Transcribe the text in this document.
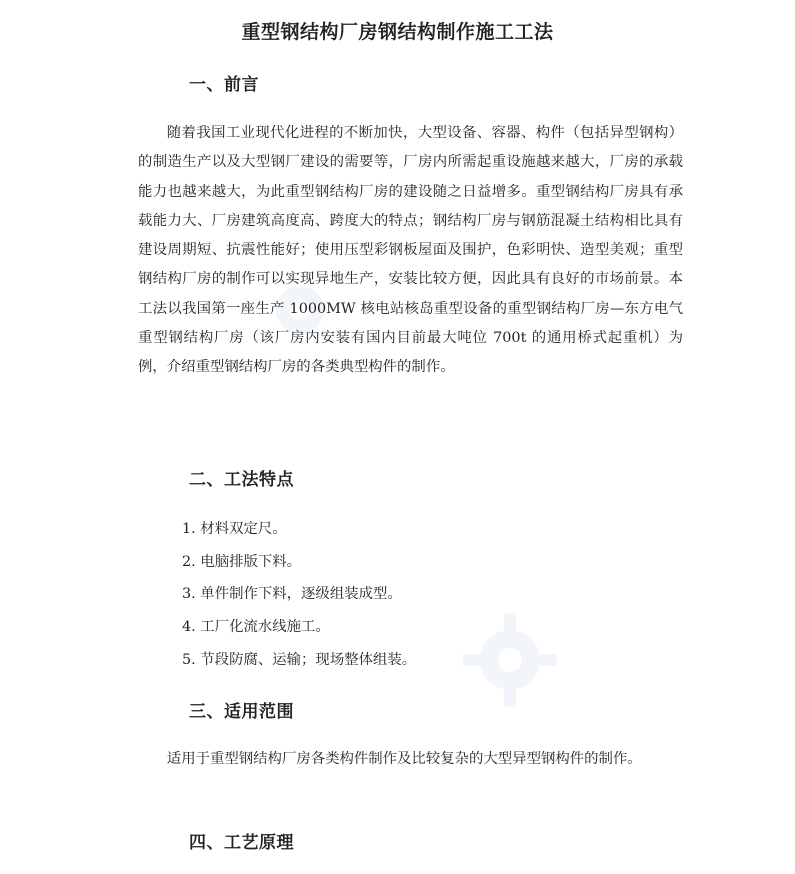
重型钢结构厂房钢结构制作施工工法
一、前言

随着我国工业现代化进程的不断加快，大型设备、容器、构件（包括异型钢构）的制造生产以及大型钢厂建设的需要等，厂房内所需起重设施越来越大，厂房的承载能力也越来越大，为此重型钢结构厂房的建设随之日益增多。重型钢结构厂房具有承载能力大、厂房建筑高度高、跨度大的特点；钢结构厂房与钢筋混凝土结构相比具有建设周期短、抗震性能好；使用压型彩钢板屋面及围护，色彩明快、造型美观；重型钢结构厂房的制作可以实现异地生产，安装比较方便，因此具有良好的市场前景。本工法以我国第一座生产 1000MW 核电站核岛重型设备的重型钢结构厂房—东方电气重型钢结构厂房（该厂房内安装有国内目前最大吨位 700t 的通用桥式起重机）为例，介绍重型钢结构厂房的各类典型构件的制作。

二、工法特点
1. 材料双定尺。
2. 电脑排版下料。
3. 单件制作下料，逐级组装成型。
4. 工厂化流水线施工。
5. 节段防腐、运输；现场整体组装。
三、适用范围

适用于重型钢结构厂房各类构件制作及比较复杂的大型异型钢构件的制作。

四、工艺原理
